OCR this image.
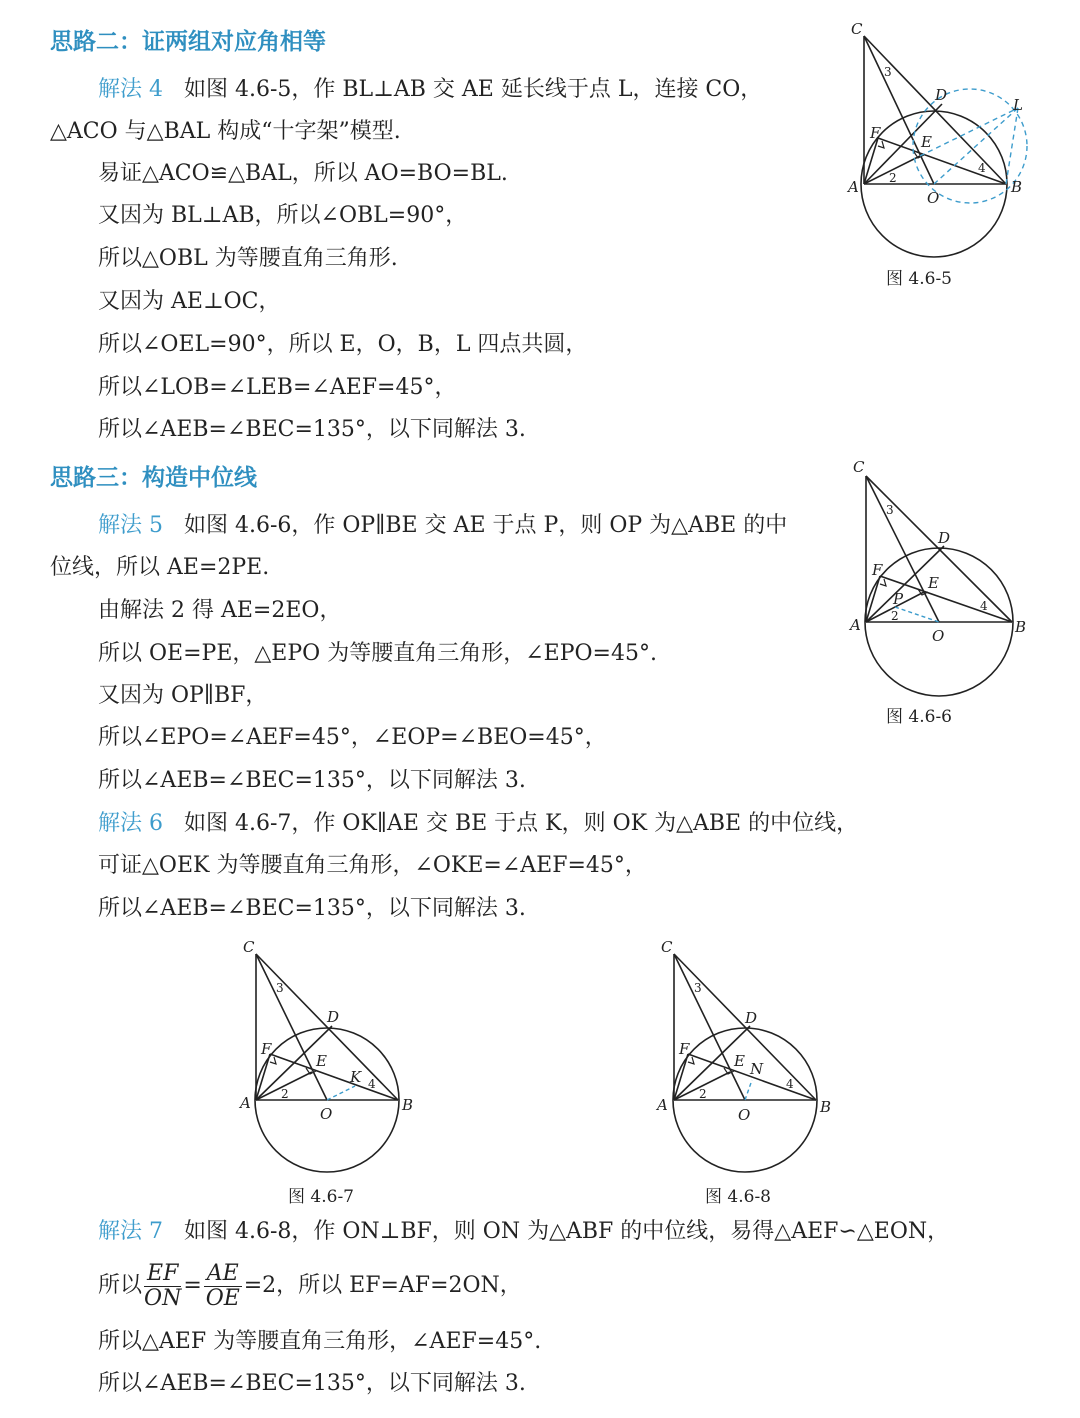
思路二：证两组对应角相等
解法 4 如图 4.6-5，作 BL⊥AB 交 AE 延长线于点 L，连接 CO，
△ACO 与△BAL 构成“十字架”模型.
易证△ACO≌△BAL，所以 AO=BO=BL.
又因为 BL⊥AB，所以∠OBL=90°，
所以△OBL 为等腰直角三角形.
又因为 AE⊥OC，
所以∠OEL=90°，所以 E，O，B，L 四点共圆，
所以∠LOB=∠LEB=∠AEF=45°，
所以∠AEB=∠BEC=135°，以下同解法 3.
C
A	B
D
E
F
O
L
3
2
4
图 4.6-5
思路三：构造中位线
解法 5 如图 4.6-6，作 OP∥BE 交 AE 于点 P，则 OP 为△ABE 的中
位线，所以 AE=2PE.
由解法 2 得 AE=2EO，
所以 OE=PE，△EPO 为等腰直角三角形，∠EPO=45°.
又因为 OP∥BF，
所以∠EPO=∠AEF=45°，∠EOP=∠BEO=45°，
所以∠AEB=∠BEC=135°，以下同解法 3.
C
A	B
D
E
F
P
O
3
2
4
图 4.6-6
解法 6 如图 4.6-7，作 OK∥AE 交 BE 于点 K，则 OK 为△ABE 的中位线，
可证△OEK 为等腰直角三角形，∠OKE=∠AEF=45°，
所以∠AEB=∠BEC=135°，以下同解法 3.
C
A	B
D
E
F
K
O
3
2
4
图 4.6-7
C
A	B
D
E N
F
O
3
2
4
图 4.6-8
解法 7 如图 4.6-8，作 ON⊥BF，则 ON 为△ABF 的中位线，易得△AEF∽△EON，
所以 $\frac{EF}{ON} = \frac{AE}{OE} =2$，所以 EF=AF=2ON，
所以△AEF 为等腰直角三角形，∠AEF=45°.
所以∠AEB=∠BEC=135°，以下同解法 3.
